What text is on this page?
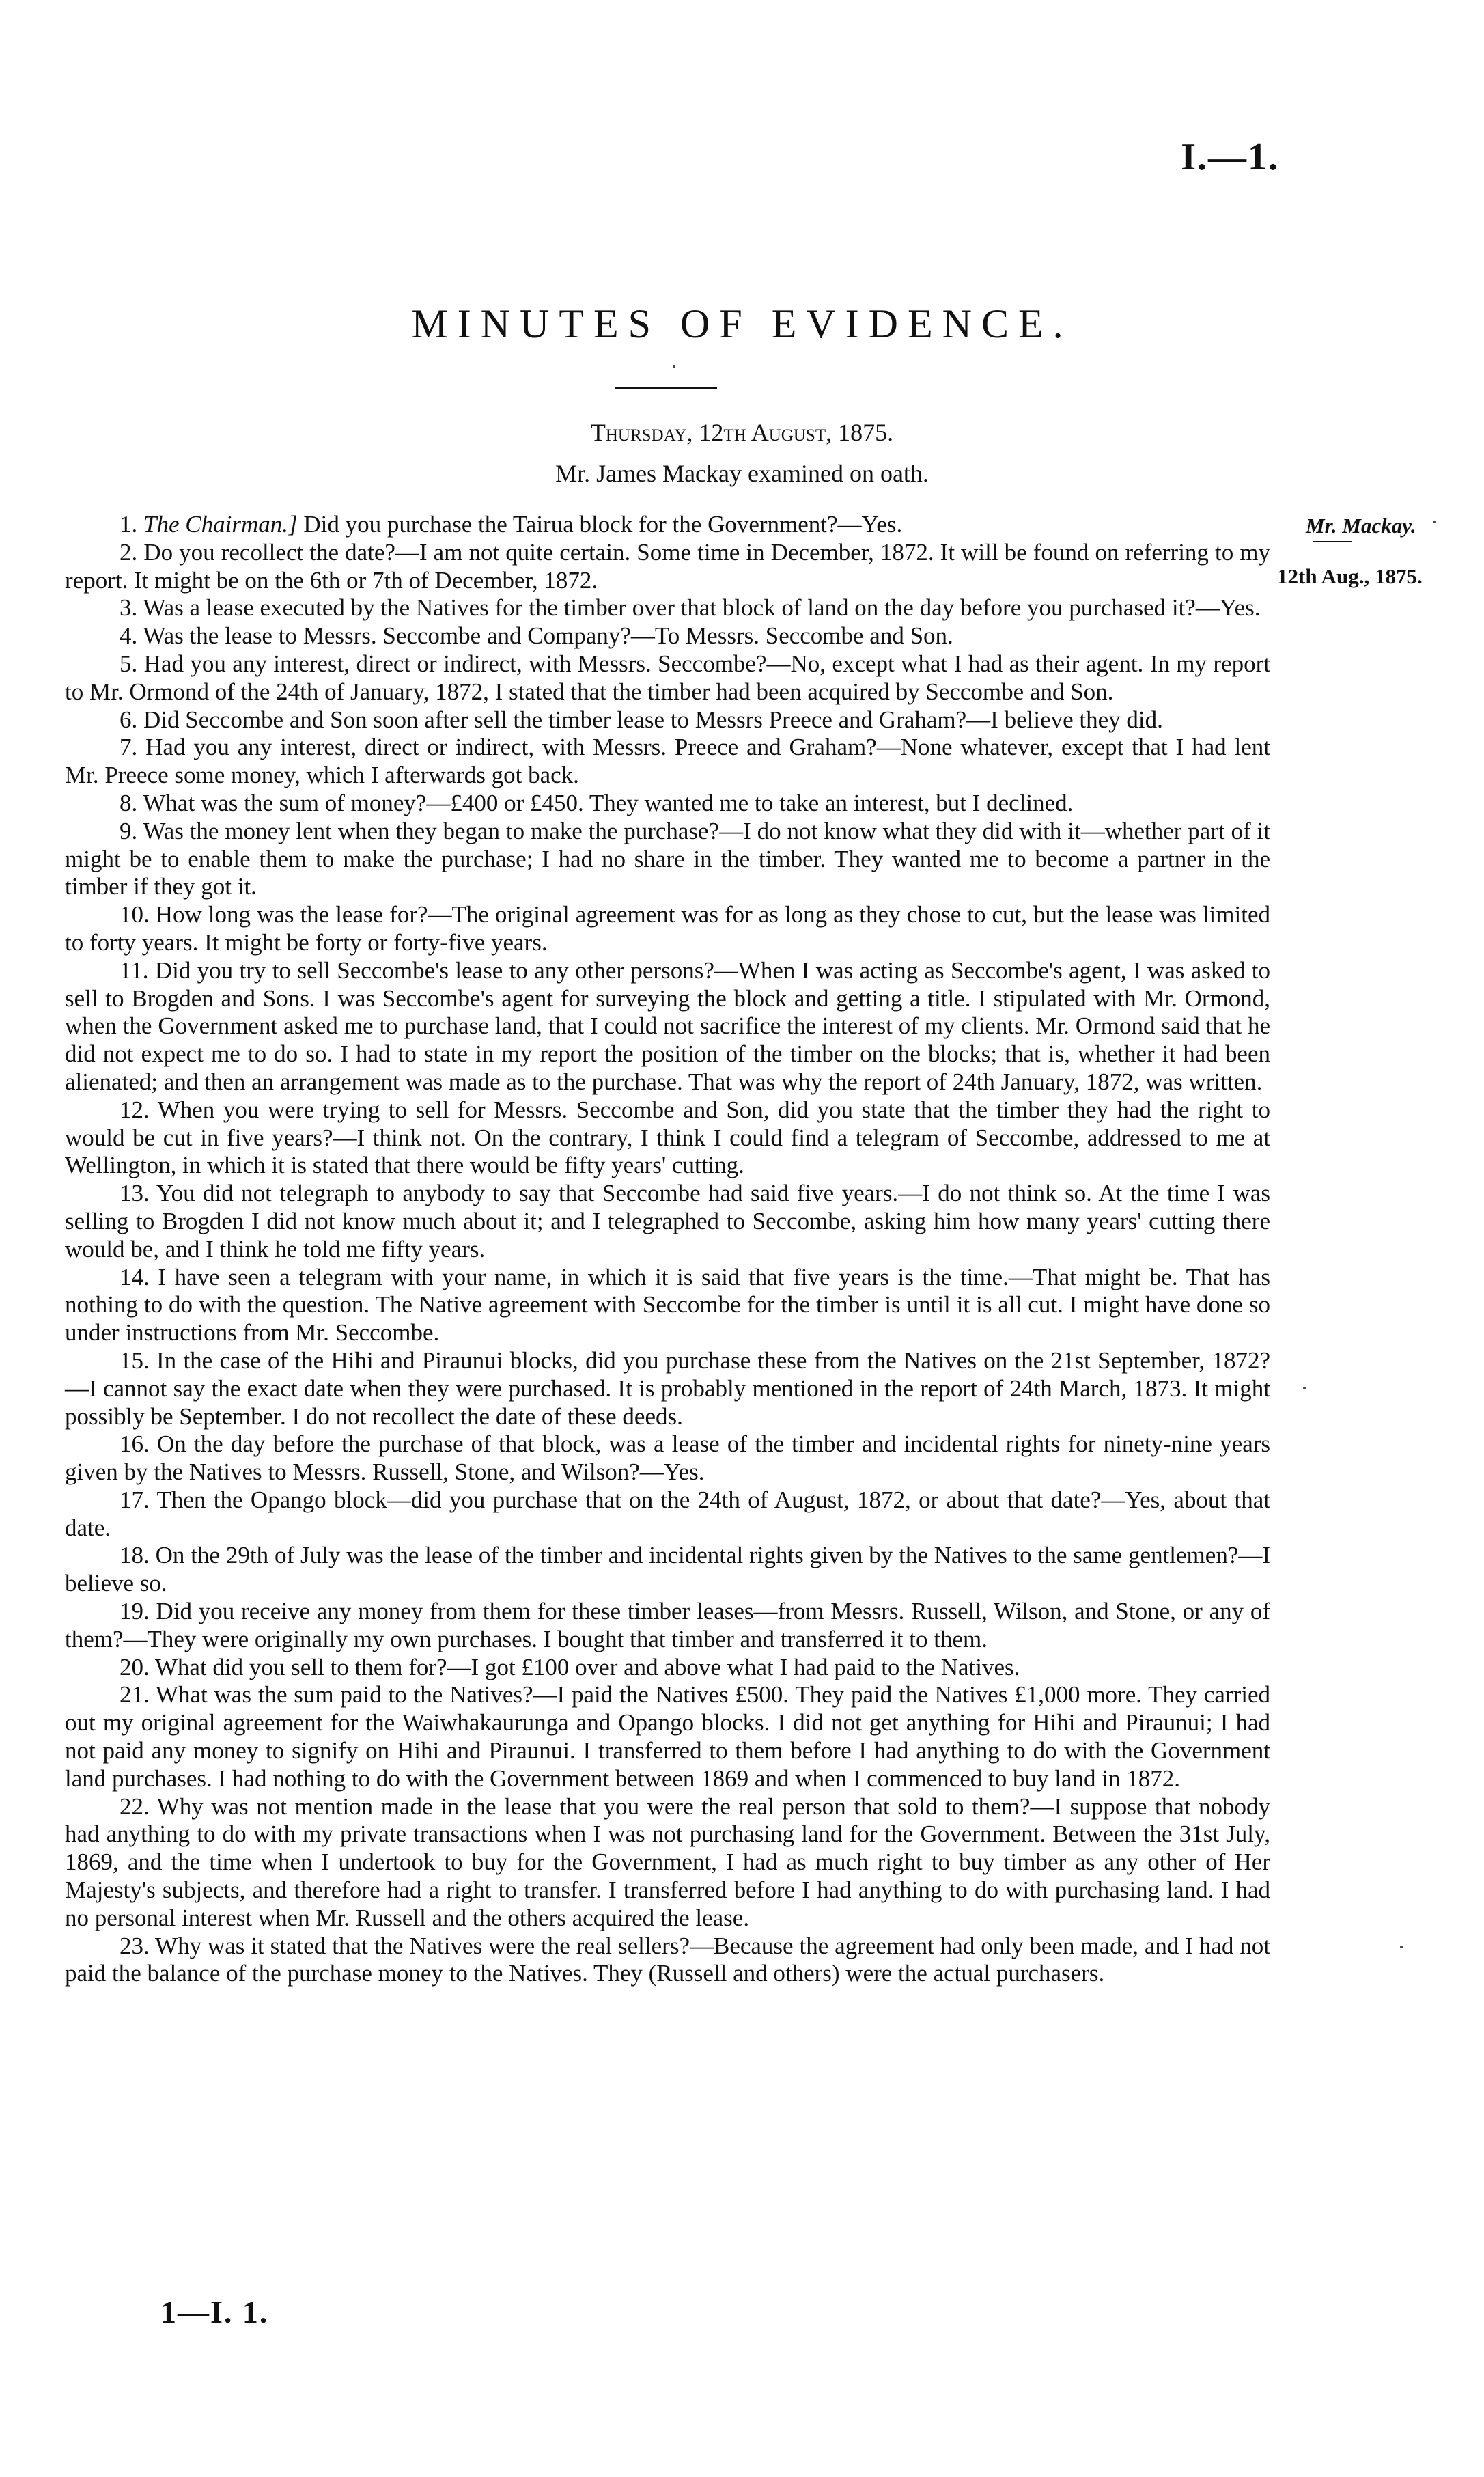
I.—1.
MINUTES OF EVIDENCE.
Thursday, 12th August, 1875.
Mr. James Mackay examined on oath.
Mr. Mackay.
12th Aug., 1875.

1. The Chairman.] Did you purchase the Tairua block for the Government?—Yes.

2. Do you recollect the date?—I am not quite certain. Some time in December, 1872. It will be found on referring to my report. It might be on the 6th or 7th of December, 1872.

3. Was a lease executed by the Natives for the timber over that block of land on the day before you purchased it?—Yes.

4. Was the lease to Messrs. Seccombe and Company?—To Messrs. Seccombe and Son.

5. Had you any interest, direct or indirect, with Messrs. Seccombe?—No, except what I had as their agent. In my report to Mr. Ormond of the 24th of January, 1872, I stated that the timber had been acquired by Seccombe and Son.

6. Did Seccombe and Son soon after sell the timber lease to Messrs Preece and Graham?—I believe they did.

7. Had you any interest, direct or indirect, with Messrs. Preece and Graham?—None whatever, except that I had lent Mr. Preece some money, which I afterwards got back.

8. What was the sum of money?—£400 or £450. They wanted me to take an interest, but I declined.

9. Was the money lent when they began to make the purchase?—I do not know what they did with it—whether part of it might be to enable them to make the purchase; I had no share in the timber. They wanted me to become a partner in the timber if they got it.

10. How long was the lease for?—The original agreement was for as long as they chose to cut, but the lease was limited to forty years. It might be forty or forty-five years.

11. Did you try to sell Seccombe's lease to any other persons?—When I was acting as Seccombe's agent, I was asked to sell to Brogden and Sons. I was Seccombe's agent for surveying the block and getting a title. I stipulated with Mr. Ormond, when the Government asked me to purchase land, that I could not sacrifice the interest of my clients. Mr. Ormond said that he did not expect me to do so. I had to state in my report the position of the timber on the blocks; that is, whether it had been alienated; and then an arrangement was made as to the purchase. That was why the report of 24th January, 1872, was written.

12. When you were trying to sell for Messrs. Seccombe and Son, did you state that the timber they had the right to would be cut in five years?—I think not. On the contrary, I think I could find a telegram of Seccombe, addressed to me at Wellington, in which it is stated that there would be fifty years' cutting.

13. You did not telegraph to anybody to say that Seccombe had said five years.—I do not think so. At the time I was selling to Brogden I did not know much about it; and I telegraphed to Seccombe, asking him how many years' cutting there would be, and I think he told me fifty years.

14. I have seen a telegram with your name, in which it is said that five years is the time.—That might be. That has nothing to do with the question. The Native agreement with Seccombe for the timber is until it is all cut. I might have done so under instructions from Mr. Seccombe.

15. In the case of the Hihi and Piraunui blocks, did you purchase these from the Natives on the 21st September, 1872?—I cannot say the exact date when they were purchased. It is probably mentioned in the report of 24th March, 1873. It might possibly be September. I do not recollect the date of these deeds.

16. On the day before the purchase of that block, was a lease of the timber and incidental rights for ninety-nine years given by the Natives to Messrs. Russell, Stone, and Wilson?—Yes.

17. Then the Opango block—did you purchase that on the 24th of August, 1872, or about that date?—Yes, about that date.

18. On the 29th of July was the lease of the timber and incidental rights given by the Natives to the same gentlemen?—I believe so.

19. Did you receive any money from them for these timber leases—from Messrs. Russell, Wilson, and Stone, or any of them?—They were originally my own purchases. I bought that timber and transferred it to them.

20. What did you sell to them for?—I got £100 over and above what I had paid to the Natives.

21. What was the sum paid to the Natives?—I paid the Natives £500. They paid the Natives £1,000 more. They carried out my original agreement for the Waiwhakaurunga and Opango blocks. I did not get anything for Hihi and Piraunui; I had not paid any money to signify on Hihi and Piraunui. I transferred to them before I had anything to do with the Government land purchases. I had nothing to do with the Government between 1869 and when I commenced to buy land in 1872.

22. Why was not mention made in the lease that you were the real person that sold to them?—I suppose that nobody had anything to do with my private transactions when I was not purchasing land for the Government. Between the 31st July, 1869, and the time when I undertook to buy for the Government, I had as much right to buy timber as any other of Her Majesty's subjects, and therefore had a right to transfer. I transferred before I had anything to do with purchasing land. I had no personal interest when Mr. Russell and the others acquired the lease.

23. Why was it stated that the Natives were the real sellers?—Because the agreement had only been made, and I had not paid the balance of the purchase money to the Natives. They (Russell and others) were the actual purchasers.

1—I. 1.
